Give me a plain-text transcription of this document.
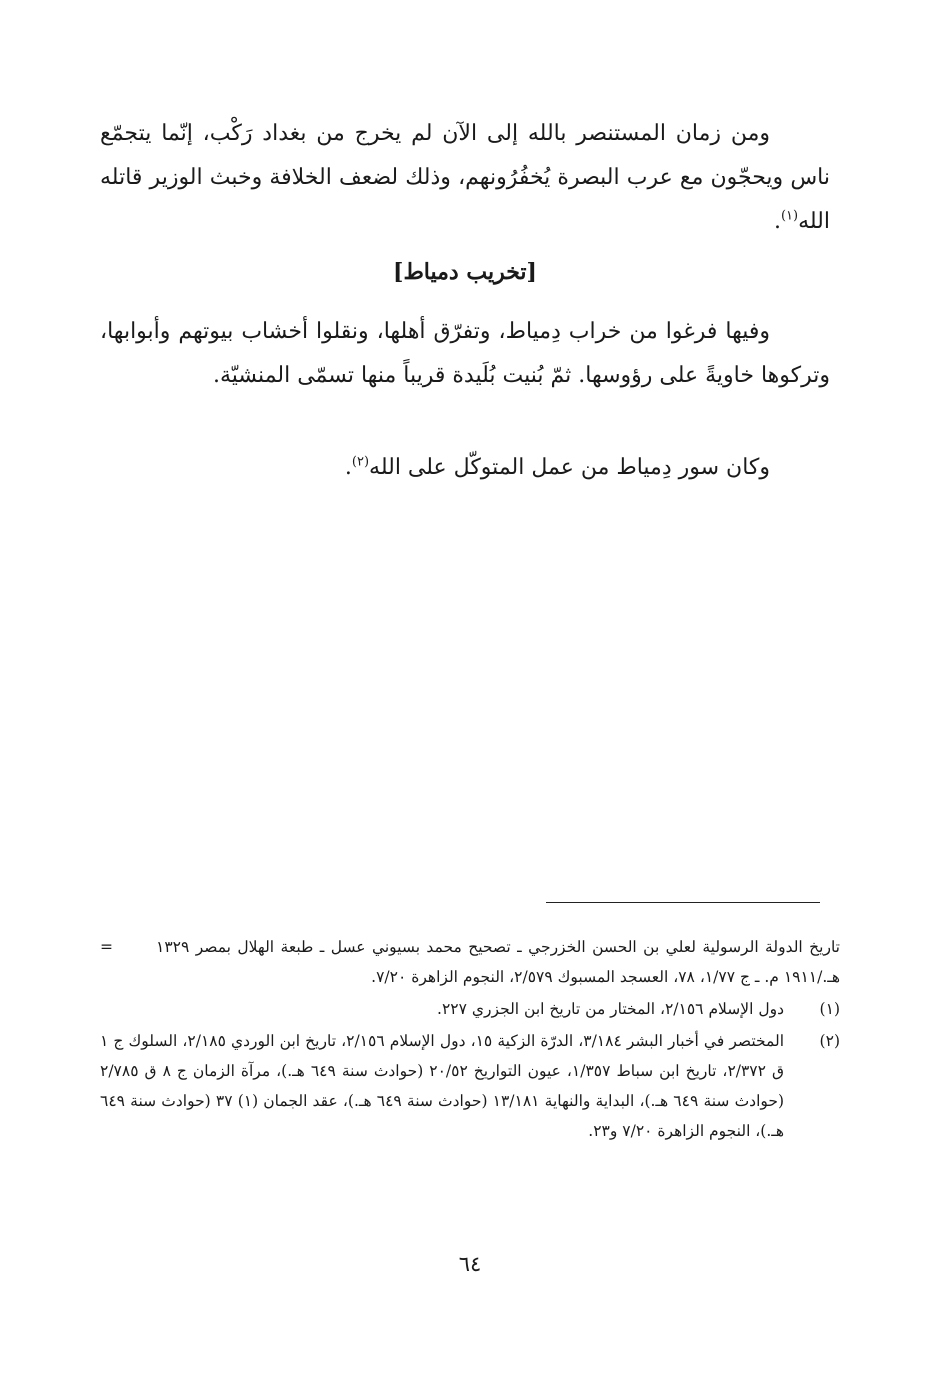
ومن زمان المستنصر بالله إلى الآن لم يخرج من بغداد رَكْب، إنّما يتجمّع ناس ويحجّون مع عرب البصرة يُخفُرُونهم، وذلك لضعف الخلافة وخبث الوزير قاتله الله$^{(١)}$.
[تخريب دمياط]
وفيها فرغوا من خراب دِمياط، وتفرّق أهلها، ونقلوا أخشاب بيوتهم وأبوابها، وتركوها خاويةً على رؤوسها. ثمّ بُنيت بُلَيدة قريباً منها تسمّى المنشيّة.
وكان سور دِمياط من عمل المتوكّل على الله$^{(٢)}$.
تاريخ الدولة الرسولية لعلي بن الحسن الخزرجي ـ تصحيح محمد بسيوني عسل ـ طبعة الهلال بمصر ١٣٢٩ هـ./١٩١١ م. ـ ج ١/٧٧، ٧٨، العسجد المسبوك ٢/٥٧٩، النجوم الزاهرة ٧/٢٠.
=
(١)
دول الإسلام ٢/١٥٦، المختار من تاريخ ابن الجزري ٢٢٧.
(٢)
المختصر في أخبار البشر ٣/١٨٤، الدرّة الزكية ١٥، دول الإسلام ٢/١٥٦، تاريخ ابن الوردي ٢/١٨٥، السلوك ج ١ ق ٢/٣٧٢، تاريخ ابن سباط ١/٣٥٧، عيون التواريخ ٢٠/٥٢ (حوادث سنة ٦٤٩ هـ.)، مرآة الزمان ج ٨ ق ٢/٧٨٥ (حوادث سنة ٦٤٩ هـ.)، البداية والنهاية ١٣/١٨١ (حوادث سنة ٦٤٩ هـ.)، عقد الجمان (١) ٣٧ (حوادث سنة ٦٤٩ هـ.)، النجوم الزاهرة ٧/٢٠ و٢٣.
٦٤
